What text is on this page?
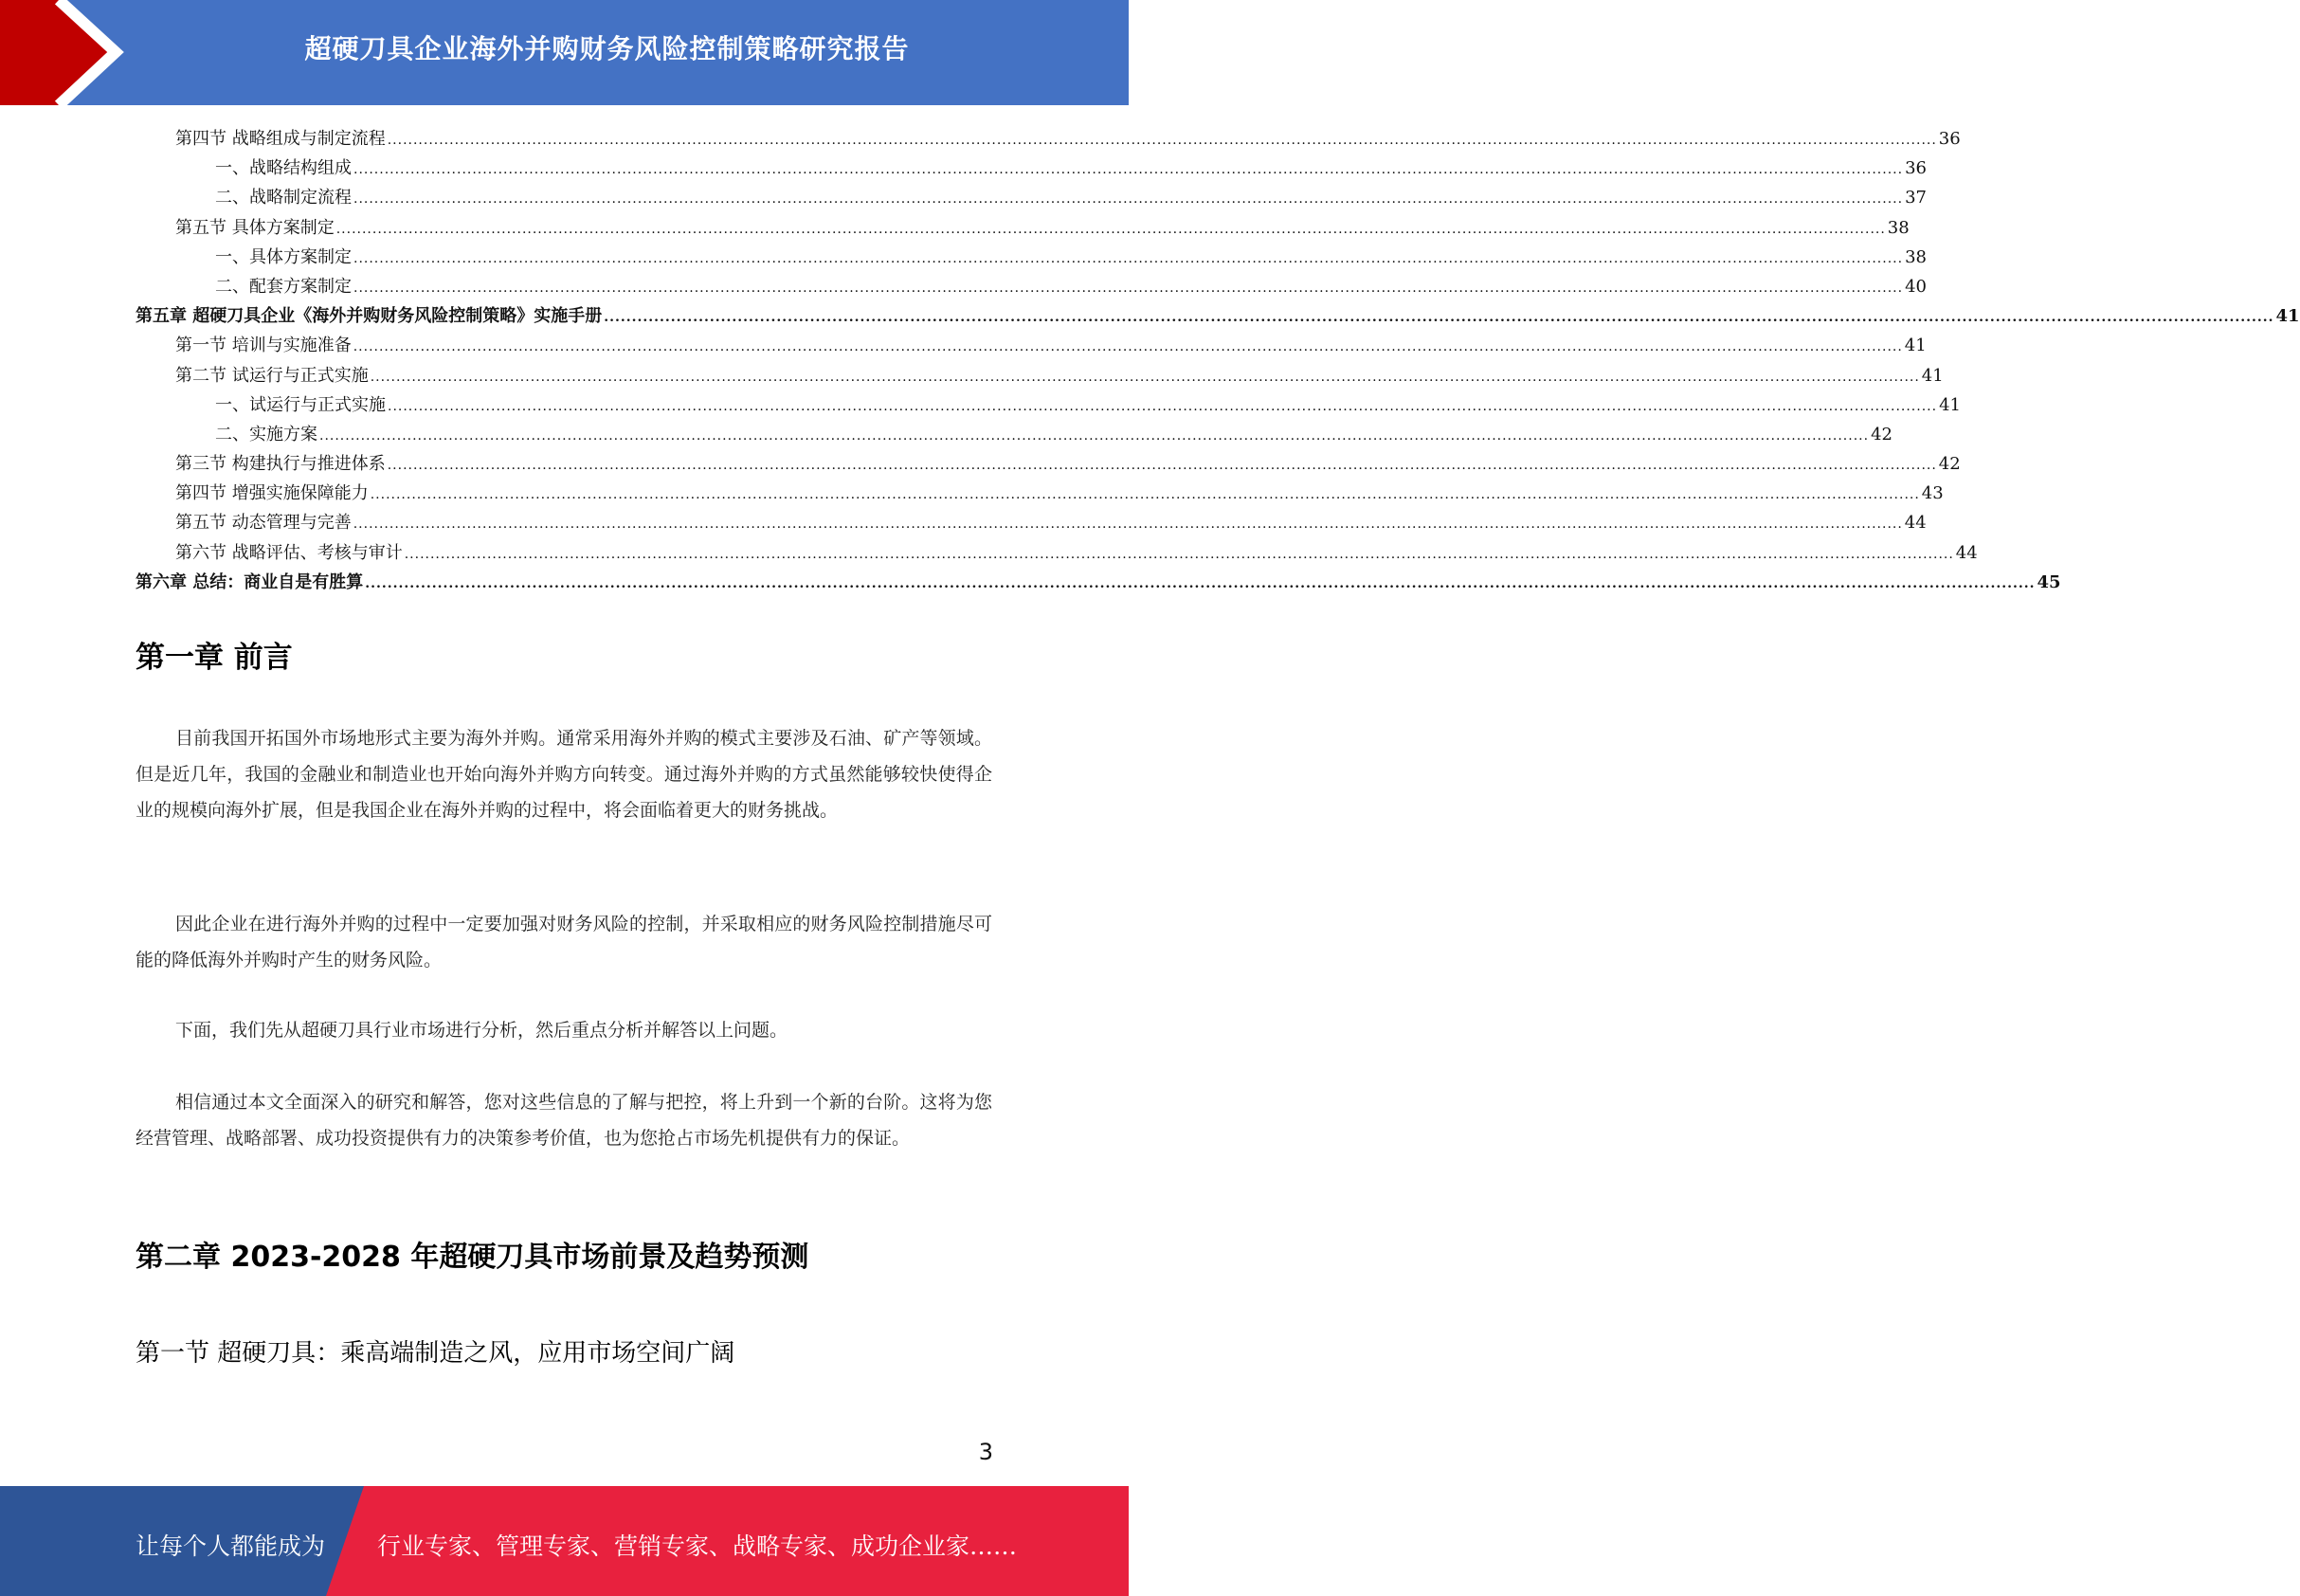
超硬刀具企业海外并购财务风险控制策略研究报告
第四节 战略组成与制定流程 ............................................................................................................................................................................................................................................................................................................ 36
一、战略结构组成 ............................................................................................................................................................................................................................................................................................................ 36
二、战略制定流程 ............................................................................................................................................................................................................................................................................................................ 37
第五节 具体方案制定 ............................................................................................................................................................................................................................................................................................................ 38
一、具体方案制定 ............................................................................................................................................................................................................................................................................................................ 38
二、配套方案制定 ............................................................................................................................................................................................................................................................................................................ 40
第五章 超硬刀具企业《海外并购财务风险控制策略》实施手册 ............................................................................................................................................................................................................................................................................................................ 41
第一节 培训与实施准备 ............................................................................................................................................................................................................................................................................................................ 41
第二节 试运行与正式实施 ............................................................................................................................................................................................................................................................................................................ 41
一、试运行与正式实施 ............................................................................................................................................................................................................................................................................................................ 41
二、实施方案 ............................................................................................................................................................................................................................................................................................................ 42
第三节 构建执行与推进体系 ............................................................................................................................................................................................................................................................................................................ 42
第四节 增强实施保障能力 ............................................................................................................................................................................................................................................................................................................ 43
第五节 动态管理与完善 ............................................................................................................................................................................................................................................................................................................ 44
第六节 战略评估、考核与审计 ............................................................................................................................................................................................................................................................................................................ 44
第六章 总结：商业自是有胜算 ............................................................................................................................................................................................................................................................................................................ 45
第一章 前言
目前我国开拓国外市场地形式主要为海外并购。通常采用海外并购的模式主要涉及石油、矿产等领域。但是近几年，我国的金融业和制造业也开始向海外并购方向转变。通过海外并购的方式虽然能够较快使得企业的规模向海外扩展，但是我国企业在海外并购的过程中，将会面临着更大的财务挑战。
因此企业在进行海外并购的过程中一定要加强对财务风险的控制，并采取相应的财务风险控制措施尽可能的降低海外并购时产生的财务风险。
下面，我们先从超硬刀具行业市场进行分析，然后重点分析并解答以上问题。
相信通过本文全面深入的研究和解答，您对这些信息的了解与把控，将上升到一个新的台阶。这将为您经营管理、战略部署、成功投资提供有力的决策参考价值，也为您抢占市场先机提供有力的保证。
第二章 2023-2028 年超硬刀具市场前景及趋势预测
第一节 超硬刀具：乘高端制造之风，应用市场空间广阔
3
让每个人都能成为 行业专家、管理专家、营销专家、战略专家、成功企业家……
